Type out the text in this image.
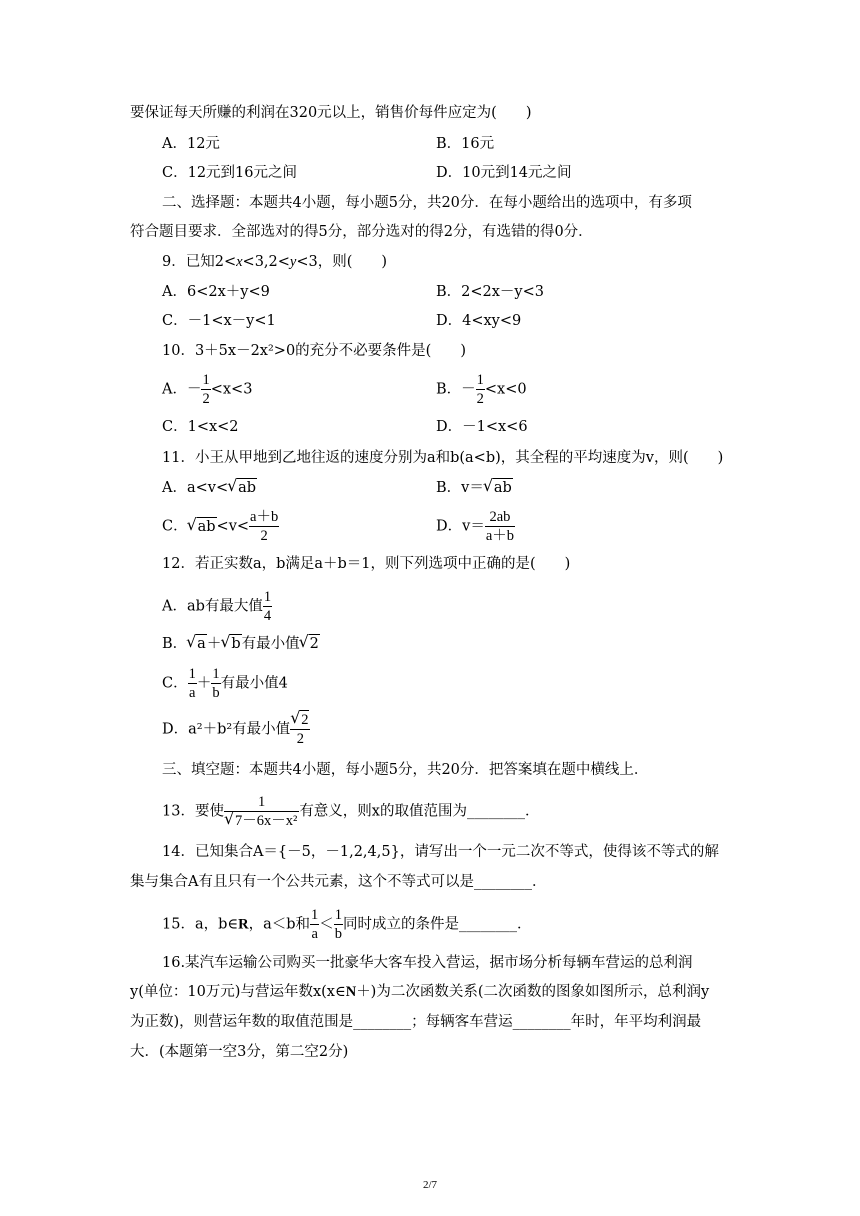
要保证每天所赚的利润在320元以上，销售价每件应定为(　　)
A．12元	B．16元
C．12元到16元之间	D．10元到14元之间
二、选择题：本题共4小题，每小题5分，共20分．在每小题给出的选项中，有多项
符合题目要求．全部选对的得5分，部分选对的得2分，有选错的得0分．
9．已知2<x<3,2<y<3，则(　　)
A．6<2x＋y<9	B．2<2x－y<3
C．－1<x－y<1	D．4<xy<9
10．3＋5x－2x²>0的充分不必要条件是(　　)
A．－ $\frac{1}{2} <x<3$	B．－ $\frac{1}{2} <x<0$
C．1<x<2	D．－1<x<6
11．小王从甲地到乙地往返的速度分别为a和b(a<b)，其全程的平均速度为v，则(　　)
A．a<v< √ ab	B．v＝ √ ab
C． √ $ab<v< \frac{a+b}{2}$	D．$v= \frac{2ab}{a+b}$
12．若正实数a，b满足a＋b＝1，则下列选项中正确的是(　　)
A．ab有最大值 $\frac{1}{4}$
B． √ a＋ √ b有最小值 √ 2
C． $\frac{1}{a} + \frac{1}{b}$ 有最小值4
D．a²＋b²有最小值 √ $\frac{2}{2}$
三、填空题：本题共4小题，每小题5分，共20分．把答案填在题中横线上．
13．要使 1
√ 7－6x－x² 有意义，则x的取值范围为________．
14．已知集合A＝{－5，－1,2,4,5}，请写出一个一元二次不等式，使得该不等式的解
集与集合A有且只有一个公共元素，这个不等式可以是________．
15．a，b∈R，a＜b和 $\frac{1}{a} < \frac{1}{b}$ 同时成立的条件是________．
16.某汽车运输公司购买一批豪华大客车投入营运，据市场分析每辆车营运的总利润
y(单位：10万元)与营运年数x(x∈N＋)为二次函数关系(二次函数的图象如图所示，总利润y
为正数)，则营运年数的取值范围是________；每辆客车营运________年时，年平均利润最
大．(本题第一空3分，第二空2分)
2/7
